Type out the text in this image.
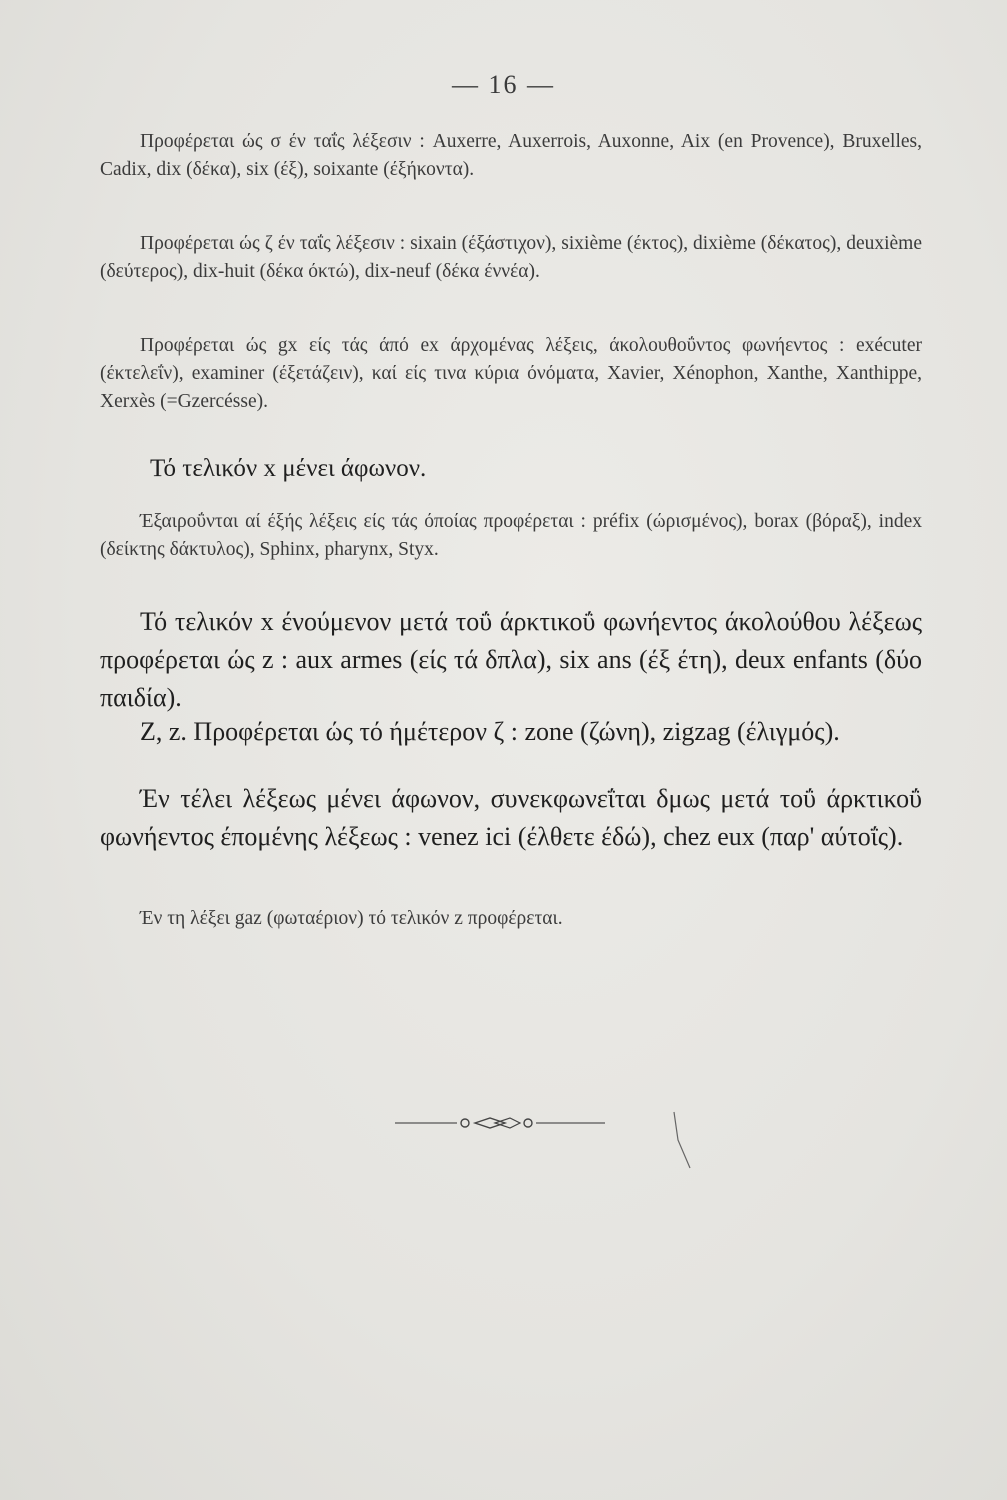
— 16 —

Προφέρεται ώς σ έν ταΐς λέξεσιν : Auxerre, Auxerrois, Auxonne, Aix (en Provence), Bruxelles, Cadix, dix (δέκα), six (έξ), soixante (έξήκοντα).

Προφέρεται ώς ζ έν ταΐς λέξεσιν : sixain (έξάστιχον), sixième (έκτος), dixième (δέκατος), deuxième (δεύτερος), dix-huit (δέκα όκτώ), dix-neuf (δέκα έννέα).

Προφέρεται ώς gx είς τάς άπό ex άρχομένας λέξεις, άκολουθοΰντος φωνήεντος : exécuter (έκτελεΐν), examiner (έξετάζειν), καί είς τινα κύρια όνόματα, Xavier, Xénophon, Xanthe, Xanthippe, Xerxès (=Gzercésse).

Τό τελικόν x μένει άφωνον.

Έξαιροΰνται αί έξής λέξεις είς τάς όποίας προφέρεται : préfix (ώρισμένος), borax (βόραξ), index (δείκτης δάκτυλος), Sphinx, pharynx, Styx.

Τό τελικόν x ένούμενον μετά τοΰ άρκτικοΰ φωνήεντος άκολούθου λέξεως προφέρεται ώς z : aux armes (είς τά δπλα), six ans (έξ έτη), deux enfants (δύο παιδία).

Z, z. Προφέρεται ώς τό ήμέτερον ζ : zone (ζώνη), zigzag (έλιγμός).

Έν τέλει λέξεως μένει άφωνον, συνεκφωνεΐται δμως μετά τοΰ άρκτικοΰ φωνήεντος έπομένης λέξεως : venez ici (έλθετε έδώ), chez eux (παρ' αύτοΐς).

Έν τη λέξει gaz (φωταέριον) τό τελικόν z προφέρεται.
